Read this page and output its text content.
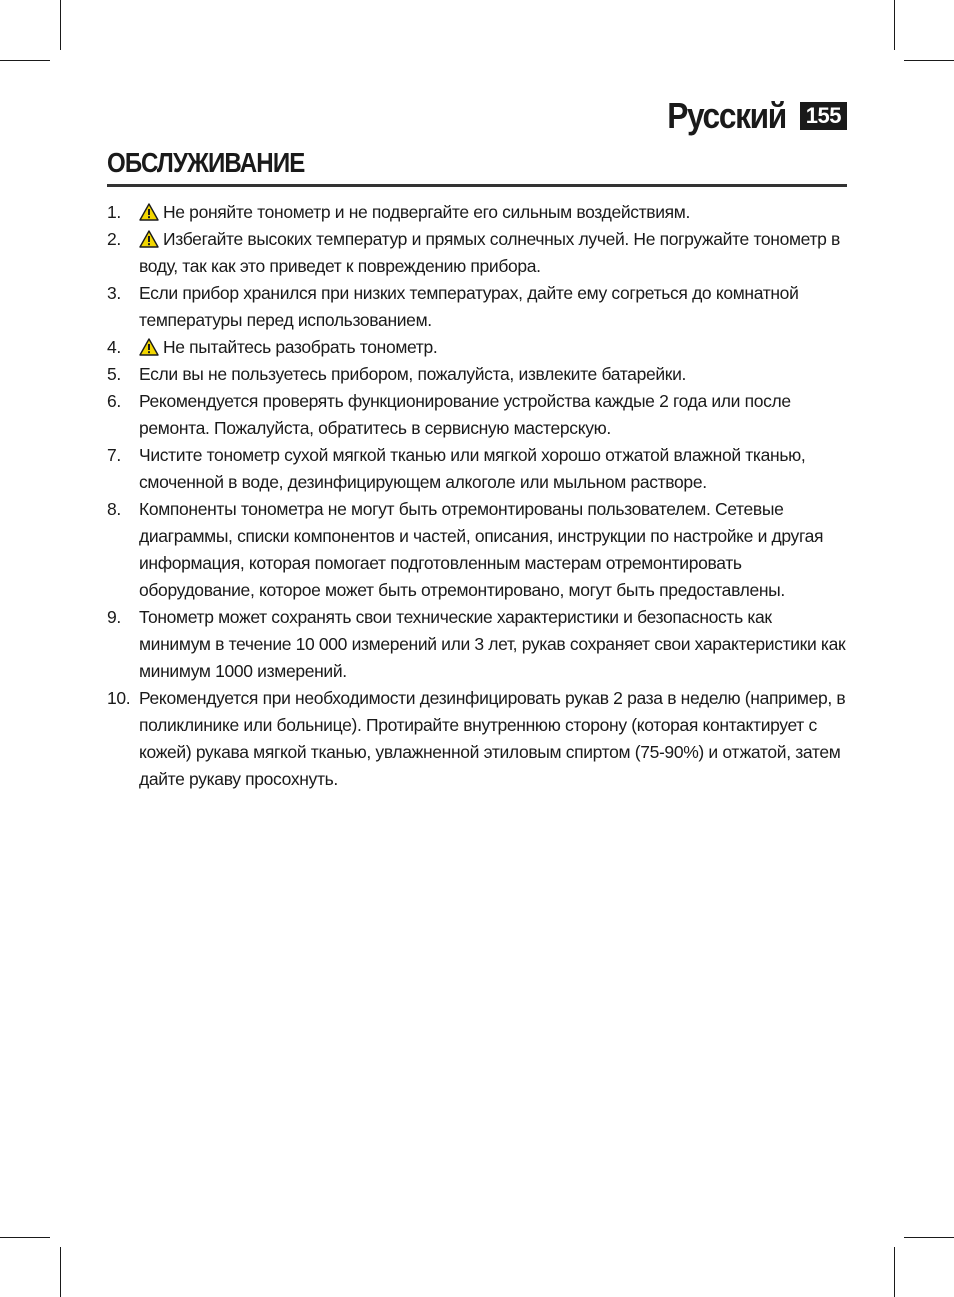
Русский 155
ОБСЛУЖИВАНИЕ
1.	Не роняйте тонометр и не подвергайте его сильным воздействиям.
2.	Избегайте высоких температур и прямых солнечных лучей. Не погружайте тонометр в воду, так как это приведет к повреждению прибора.
3.	Если прибор хранился при низких температурах, дайте ему согреться до комнатной температуры перед использованием.
4.	Не пытайтесь разобрать тонометр.
5.	Если вы не пользуетесь прибором, пожалуйста, извлеките батарейки.
6.	Рекомендуется проверять функционирование устройства каждые 2 года или после ремонта. Пожалуйста, обратитесь в сервисную мастерскую.
7.	Чистите тонометр сухой мягкой тканью или мягкой хорошо отжатой влажной тканью, смоченной в воде, дезинфицирующем алкоголе или мыльном растворе.
8.	Компоненты тонометра не могут быть отремонтированы пользователем. Сетевые диаграммы, списки компонентов и частей, описания, инструкции по настройке и другая информация, которая помогает подготовленным мастерам отремонтировать оборудование, которое может быть отремонтировано, могут быть предоставлены.
9.	Тонометр может сохранять свои технические характеристики и безопасность как минимум в течение 10 000 измерений или 3 лет, рукав сохраняет свои характеристики как минимум 1000 измерений.
10. Рекомендуется при необходимости дезинфицировать рукав 2 раза в неделю (например, в поликлинике или больнице). Протирайте внутреннюю сторону (которая контактирует с кожей) рукава мягкой тканью, увлажненной этиловым спиртом (75-90%) и отжатой, затем дайте рукаву просохнуть.
